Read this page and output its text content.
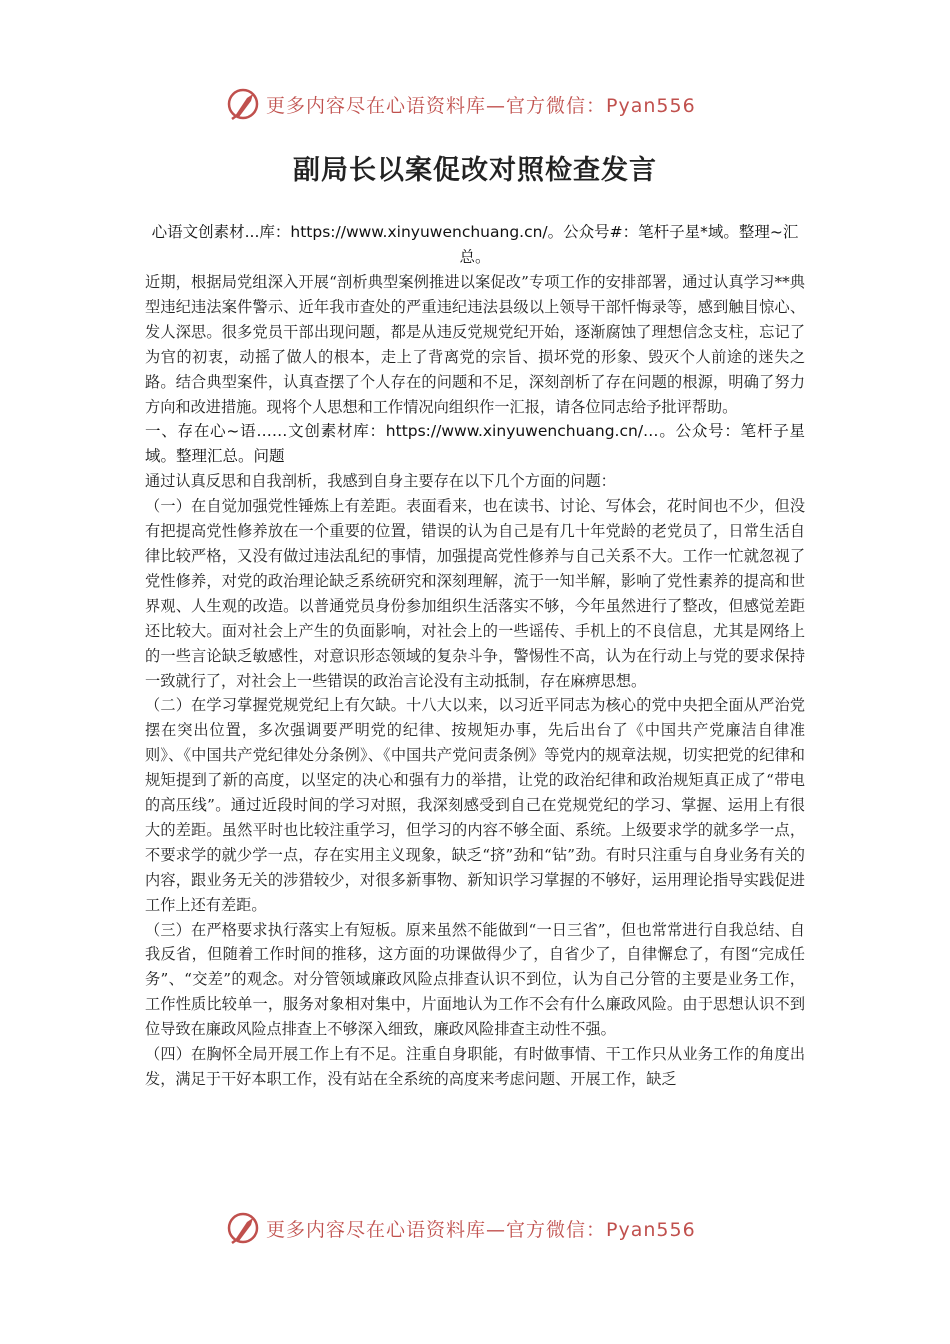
更多内容尽在心语资料库—官方微信：Pyan556
副局长以案促改对照检查发言
心语文创素材...库：https://www.xinyuwenchuang.cn/。公众号#：笔杆子星*域。整理~汇总。

近期，根据局党组深入开展“剖析典型案例推进以案促改”专项工作的安排部署，通过认真学习**典型违纪违法案件警示、近年我市查处的严重违纪违法县级以上领导干部忏悔录等，感到触目惊心、发人深思。很多党员干部出现问题，都是从违反党规党纪开始，逐渐腐蚀了理想信念支柱，忘记了为官的初衷，动摇了做人的根本，走上了背离党的宗旨、损坏党的形象、毁灭个人前途的迷失之路。结合典型案件，认真查摆了个人存在的问题和不足，深刻剖析了存在问题的根源，明确了努力方向和改进措施。现将个人思想和工作情况向组织作一汇报，请各位同志给予批评帮助。

一、存在心~语……文创素材库：https://www.xinyuwenchuang.cn/…。公众号：笔杆子星域。整理汇总。问题

通过认真反思和自我剖析，我感到自身主要存在以下几个方面的问题：

（一）在自觉加强党性锤炼上有差距。表面看来，也在读书、讨论、写体会，花时间也不少，但没有把提高党性修养放在一个重要的位置，错误的认为自己是有几十年党龄的老党员了，日常生活自律比较严格，又没有做过违法乱纪的事情，加强提高党性修养与自己关系不大。工作一忙就忽视了党性修养，对党的政治理论缺乏系统研究和深刻理解，流于一知半解，影响了党性素养的提高和世界观、人生观的改造。以普通党员身份参加组织生活落实不够，今年虽然进行了整改，但感觉差距还比较大。面对社会上产生的负面影响，对社会上的一些谣传、手机上的不良信息，尤其是网络上的一些言论缺乏敏感性，对意识形态领域的复杂斗争，警惕性不高，认为在行动上与党的要求保持一致就行了，对社会上一些错误的政治言论没有主动抵制，存在麻痹思想。

（二）在学习掌握党规党纪上有欠缺。十八大以来，以习近平同志为核心的党中央把全面从严治党摆在突出位置，多次强调要严明党的纪律、按规矩办事，先后出台了《中国共产党廉洁自律准则》、《中国共产党纪律处分条例》、《中国共产党问责条例》等党内的规章法规，切实把党的纪律和规矩提到了新的高度，以坚定的决心和强有力的举措，让党的政治纪律和政治规矩真正成了“带电的高压线”。通过近段时间的学习对照，我深刻感受到自己在党规党纪的学习、掌握、运用上有很大的差距。虽然平时也比较注重学习，但学习的内容不够全面、系统。上级要求学的就多学一点，不要求学的就少学一点，存在实用主义现象，缺乏“挤”劲和“钻”劲。有时只注重与自身业务有关的内容，跟业务无关的涉猎较少，对很多新事物、新知识学习掌握的不够好，运用理论指导实践促进工作上还有差距。

（三）在严格要求执行落实上有短板。原来虽然不能做到“一日三省”，但也常常进行自我总结、自我反省，但随着工作时间的推移，这方面的功课做得少了，自省少了，自律懈怠了，有图“完成任务”、“交差”的观念。对分管领域廉政风险点排查认识不到位，认为自己分管的主要是业务工作，工作性质比较单一，服务对象相对集中，片面地认为工作不会有什么廉政风险。由于思想认识不到位导致在廉政风险点排查上不够深入细致，廉政风险排查主动性不强。

（四）在胸怀全局开展工作上有不足。注重自身职能，有时做事情、干工作只从业务工作的角度出发，满足于干好本职工作，没有站在全系统的高度来考虑问题、开展工作，缺乏

更多内容尽在心语资料库—官方微信：Pyan556
